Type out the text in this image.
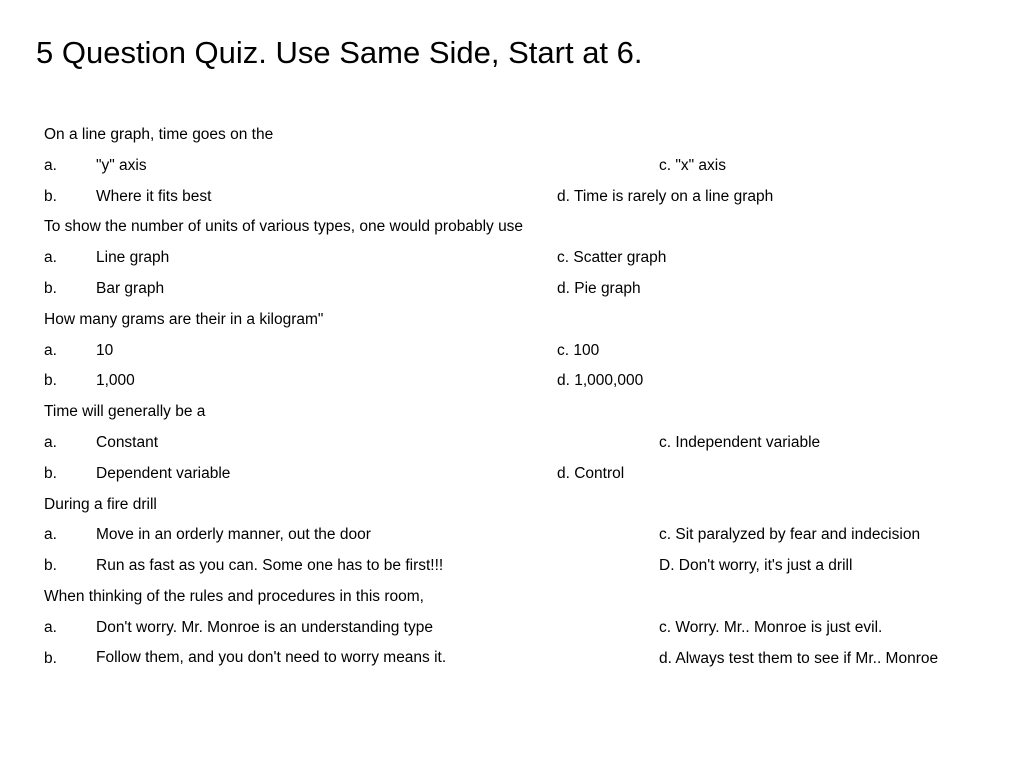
5 Question Quiz. Use Same Side, Start at 6.
On a line graph, time goes on the
a.	"y" axis	c. "x" axis
b.	Where it fits best	d. Time is rarely on a line graph
To show the number of units of various types, one would probably use
a.	Line graph	c. Scatter graph
b.	Bar graph	d. Pie graph
How many grams are their in a kilogram"
a.	10	c. 100
b.	1,000	d. 1,000,000
Time will generally be a
a.	Constant	c. Independent variable
b.	Dependent variable	d. Control
During a fire drill
a.	Move in an orderly manner, out the door	c. Sit paralyzed by fear and indecision
b.	Run as fast as you can. Some one has to be first!!!	D. Don't worry, it's just a drill
When thinking of the rules and procedures in this room,
a.	Don't worry. Mr. Monroe is an understanding type	c. Worry. Mr.. Monroe is just evil.
b.	Follow them, and you don't need to worry means it.	d. Always test them to see if Mr.. Monroe
